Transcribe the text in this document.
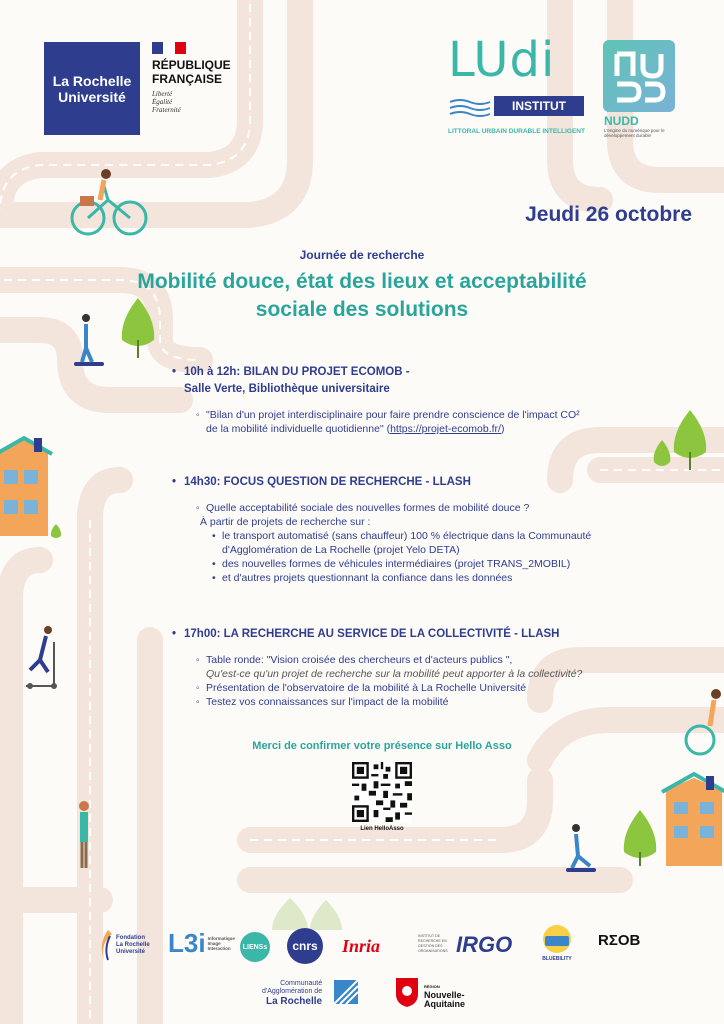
La Rochelle
Université
RÉPUBLIQUE
FRANÇAISE
Liberté
Égalité
Fraternité
LUdi
INSTITUT
LITTORAL URBAIN DURABLE INTELLIGENT
NUDD
L'engine du numérique pour le développement durable
Jeudi 26 octobre
Journée de recherche
Mobilité douce, état des lieux et acceptabilité
sociale des solutions
• 10h à 12h: BILAN DU PROJET ECOMOB -
Salle Verte, Bibliothèque universitaire
◦ "Bilan d'un projet interdisciplinaire pour faire prendre conscience de l'impact CO²
de la mobilité individuelle quotidienne" (https://projet-ecomob.fr/)
• 14h30: FOCUS QUESTION DE RECHERCHE - LLASH
◦ Quelle acceptabilité sociale des nouvelles formes de mobilité douce ?
À partir de projets de recherche sur :
• le transport automatisé (sans chauffeur) 100 % électrique dans la Communauté
d'Agglomération de La Rochelle (projet Yelo DETA)
• des nouvelles formes de véhicules intermédiaires (projet TRANS_2MOBIL)
• et d'autres projets questionnant la confiance dans les données
• 17h00: LA RECHERCHE AU SERVICE DE LA COLLECTIVITÉ - LLASH
◦ Table ronde: "Vision croisée des chercheurs et d'acteurs publics ",
Qu'est-ce qu'un projet de recherche sur la mobilité peut apporter à la collectivité?
◦ Présentation de l'observatoire de la mobilité à La Rochelle Université
◦ Testez vos connaissances sur l'impact de la mobilité
Merci de confirmer votre présence sur Hello Asso
Lien HelloAsso
Fondation
La Rochelle
Université L3i Informatique Image Interaction	LIENSs	cnrs Inria	INSTITUT DE RECHERCHE EN GESTION DES ORGANISATIONS IRGO
BLUEBILITY
RΣOB
Communauté
d'Agglomération de
La Rochelle
RÉGION
Nouvelle-
Aquitaine
